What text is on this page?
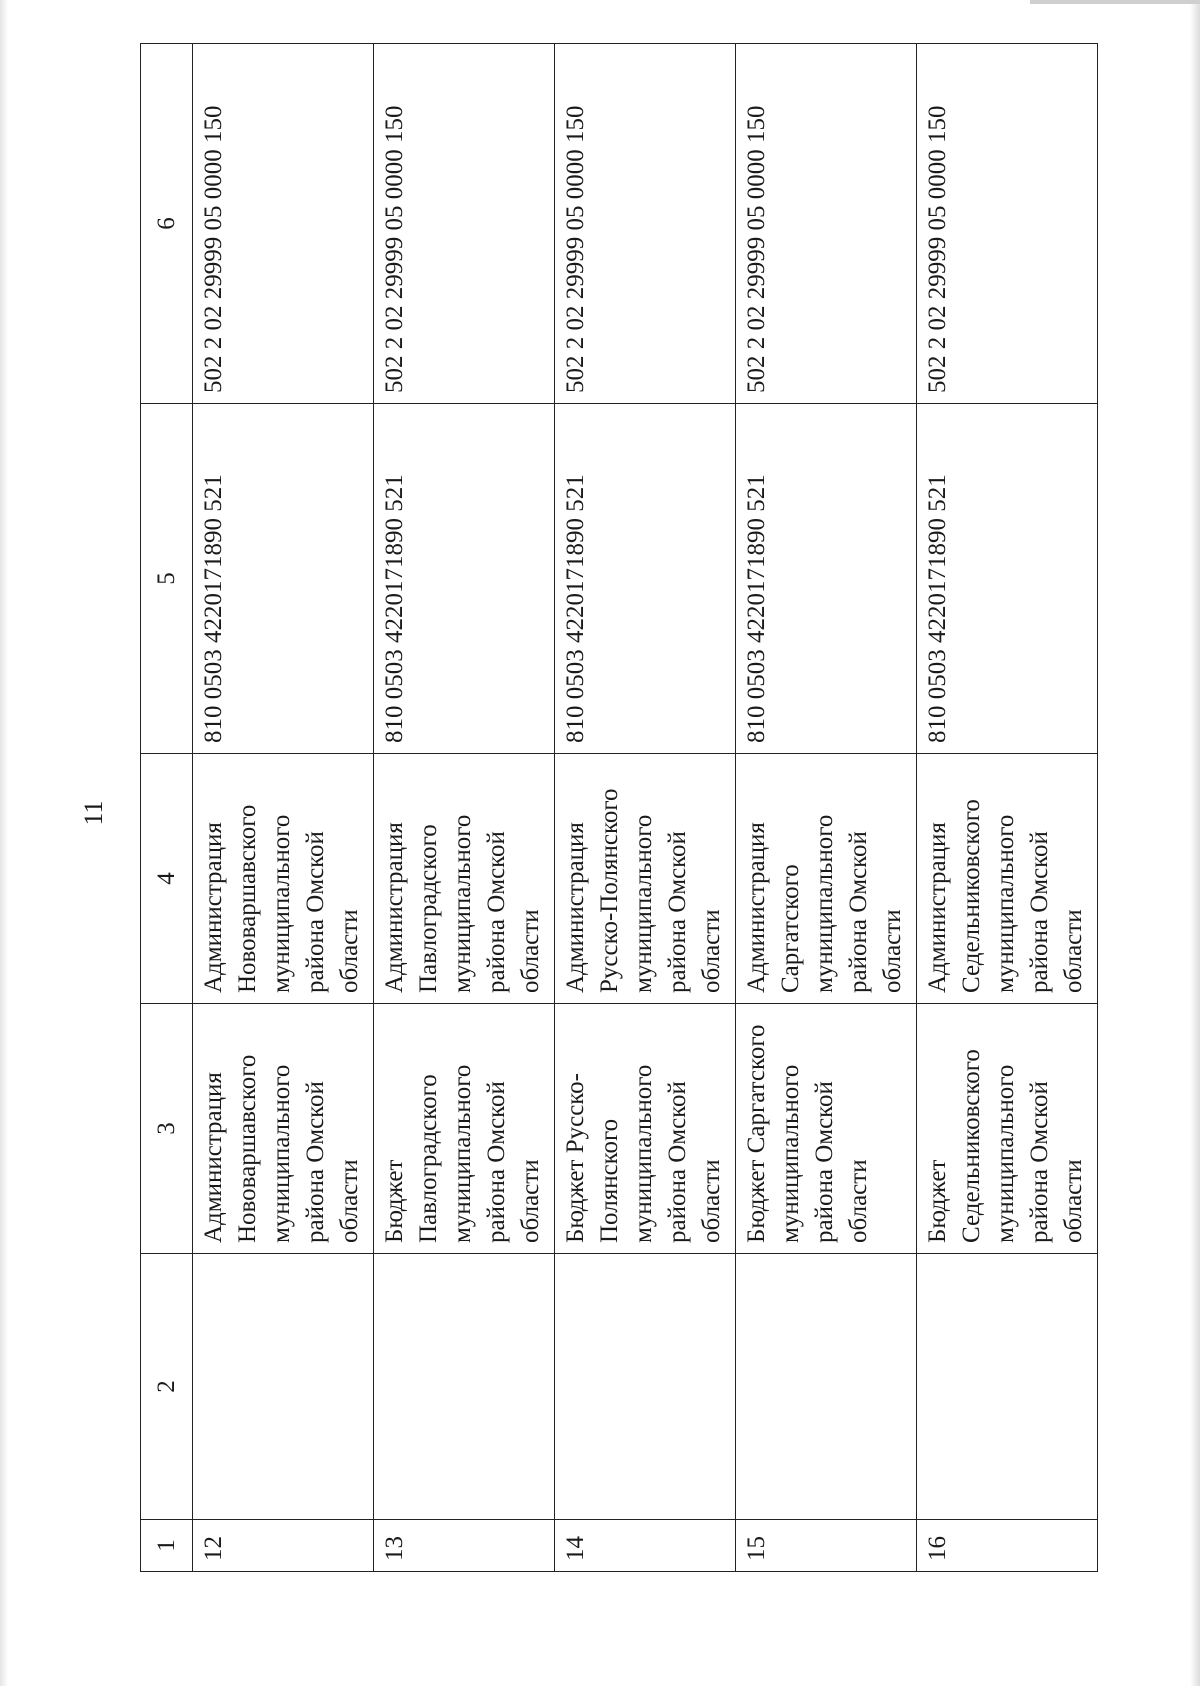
11
1	2	3	4	5	6
12		Администрация Нововаршавского муниципального района Омской области	Администрация Нововаршавского муниципального района Омской области	810 0503 4220171890 521	502 2 02 29999 05 0000 150
13		Бюджет Павлоградского муниципального района Омской области	Администрация Павлоградского муниципального района Омской области	810 0503 4220171890 521	502 2 02 29999 05 0000 150
14		Бюджет Русско-Полянского муниципального района Омской области	Администрация Русско-Полянского муниципального района Омской области	810 0503 4220171890 521	502 2 02 29999 05 0000 150
15		Бюджет Саргатского муниципального района Омской области	Администрация Саргатского муниципального района Омской области	810 0503 4220171890 521	502 2 02 29999 05 0000 150
16		Бюджет Седельниковского муниципального района Омской области	Администрация Седельниковского муниципального района Омской области	810 0503 4220171890 521	502 2 02 29999 05 0000 150
